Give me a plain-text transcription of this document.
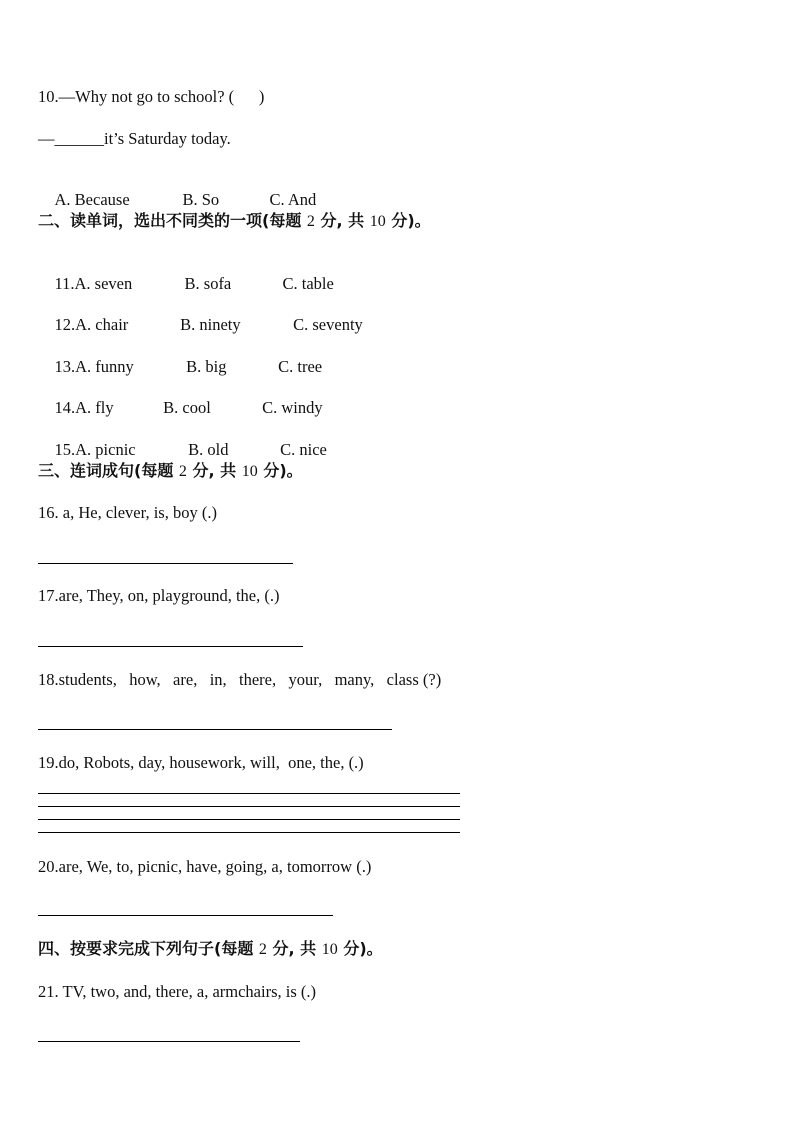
10.—Why not go to school? (      )
—______it’s Saturday today.

A. Because	B. So	C. And

二、读单词，选出不同类的一项(每题 2 分, 共 10 分)。

11.A. seven	B. sofa	C. table

12.A. chair	B. ninety	C. seventy

13.A. funny	B. big	C. tree

14.A. fly	B. cool	C. windy

15.A. picnic	B. old	C. nice

三、连词成句(每题 2 分, 共 10 分)。
16. a, He, clever, is, boy (.)
17.are, They, on, playground, the, (.)
18.students,   how,   are,   in,   there,   your,   many,   class (?)
19.do, Robots, day, housework, will,  one, the, (.)
20.are, We, to, picnic, have, going, a, tomorrow (.)
四、按要求完成下列句子(每题 2 分, 共 10 分)。
21. TV, two, and, there, a, armchairs, is (.)
